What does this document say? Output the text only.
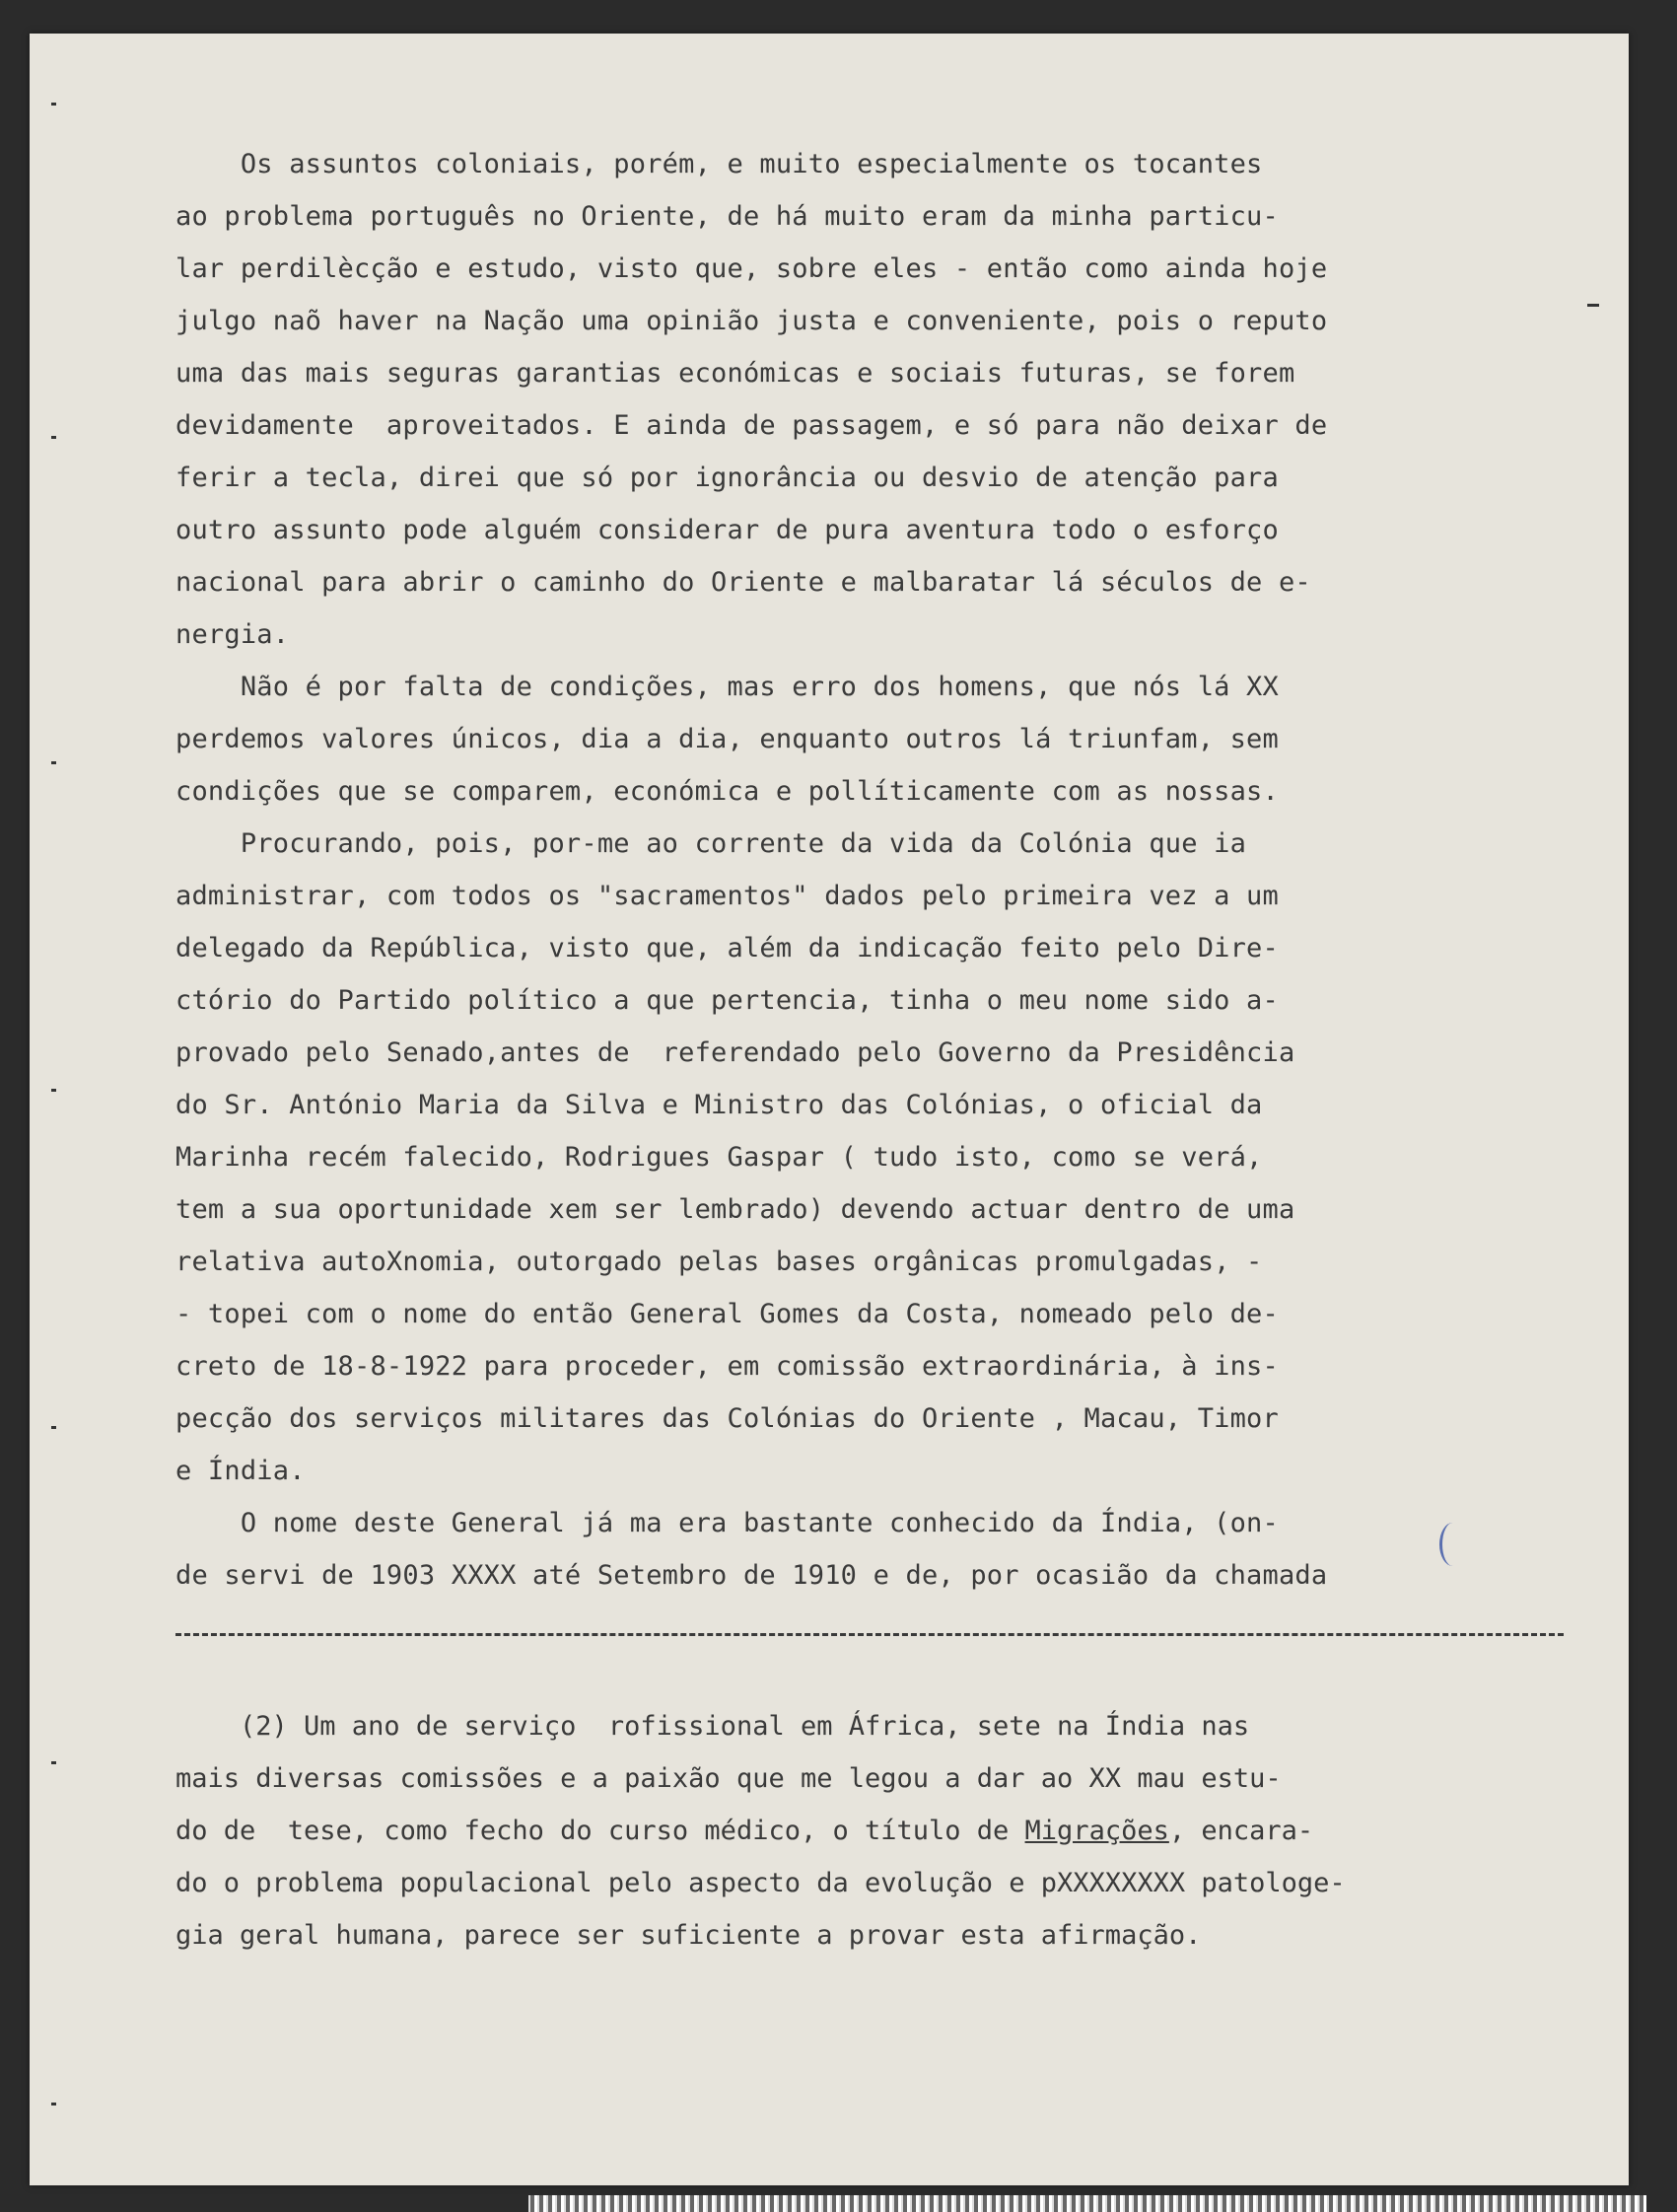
Os assuntos coloniais, porém, e muito especialmente os tocantes
ao problema português no Oriente, de há muito eram da minha particu-
lar perdilècção e estudo, visto que, sobre eles - então como ainda hoje
julgo naõ haver na Nação uma opinião justa e conveniente, pois o reputo
uma das mais seguras garantias económicas e sociais futuras, se forem
devidamente  aproveitados. E ainda de passagem, e só para não deixar de
ferir a tecla, direi que só por ignorância ou desvio de atenção para
outro assunto pode alguém considerar de pura aventura todo o esforço
nacional para abrir o caminho do Oriente e malbaratar lá séculos de e-
nergia.
Não é por falta de condições, mas erro dos homens, que nós lá XX
perdemos valores únicos, dia a dia, enquanto outros lá triunfam, sem
condições que se comparem, económica e pollíticamente com as nossas.
Procurando, pois, por-me ao corrente da vida da Colónia que ia
administrar, com todos os "sacramentos" dados pelo primeira vez a um
delegado da República, visto que, além da indicação feito pelo Dire-
ctório do Partido político a que pertencia, tinha o meu nome sido a-
provado pelo Senado,antes de  referendado pelo Governo da Presidência
do Sr. António Maria da Silva e Ministro das Colónias, o oficial da
Marinha recém falecido, Rodrigues Gaspar ( tudo isto, como se verá,
tem a sua oportunidade xem ser lembrado) devendo actuar dentro de uma
relativa autoXnomia, outorgado pelas bases orgânicas promulgadas, -
- topei com o nome do então General Gomes da Costa, nomeado pelo de-
creto de 18-8-1922 para proceder, em comissão extraordinária, à ins-
pecção dos serviços militares das Colónias do Oriente , Macau, Timor
e Índia.
O nome deste General já ma era bastante conhecido da Índia, (on-
de servi de 1903 XXXX até Setembro de 1910 e de, por ocasião da chamada
(2) Um ano de serviço  rofissional em África, sete na Índia nas
mais diversas comissões e a paixão que me legou a dar ao XX mau estu-
do de  tese, como fecho do curso médico, o título de Migrações, encara-
do o problema populacional pelo aspecto da evolução e pXXXXXXXX patologe-
gia geral humana, parece ser suficiente a provar esta afirmação.
